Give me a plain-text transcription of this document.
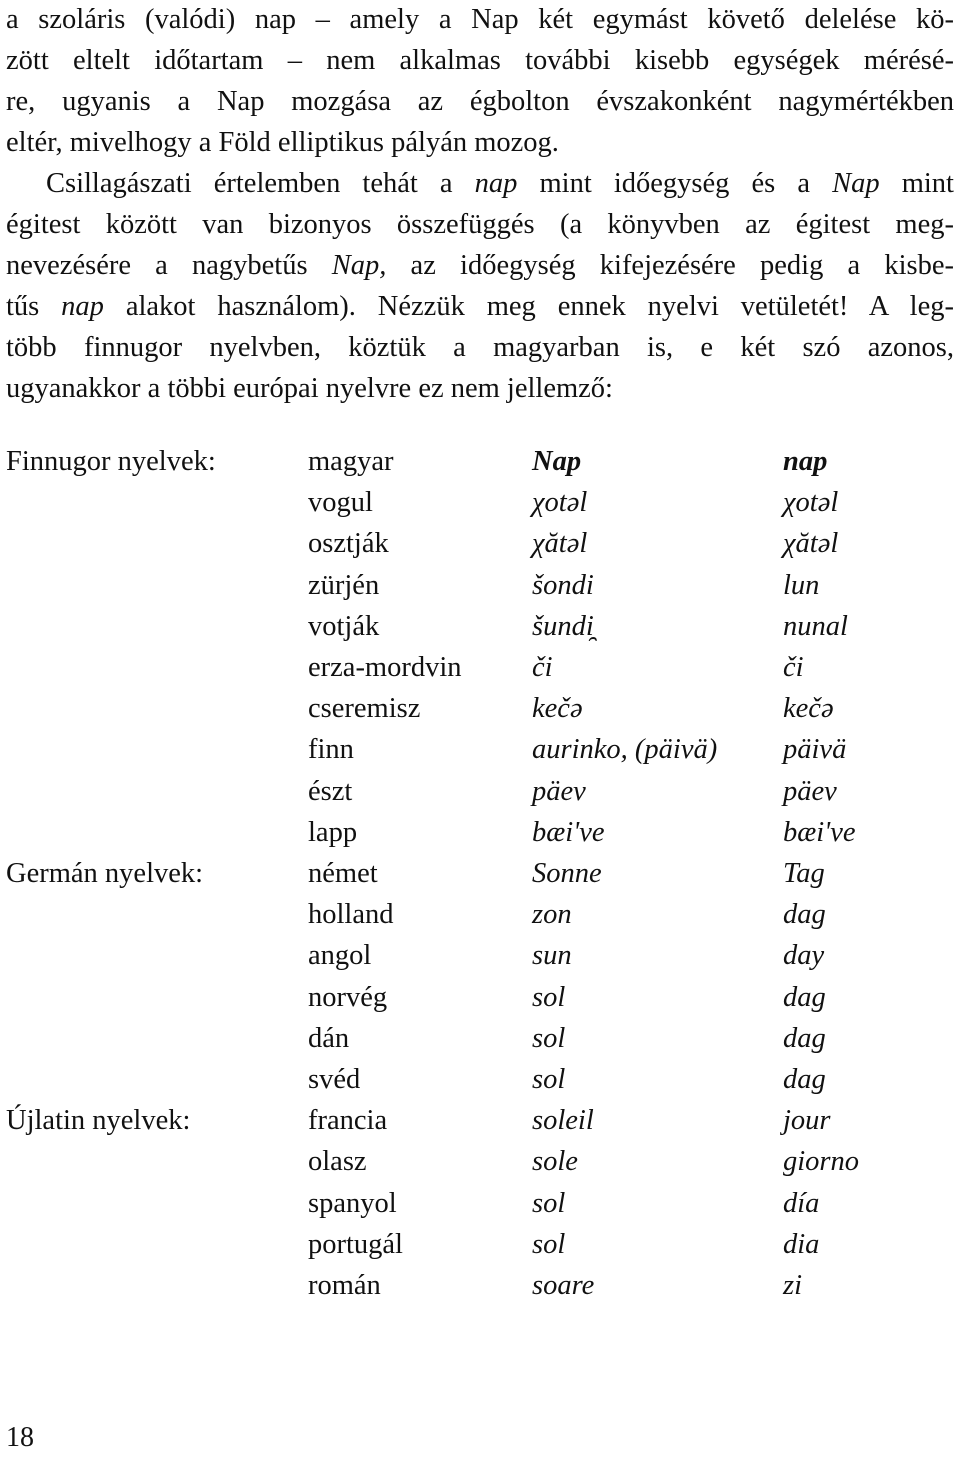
a szoláris (valódi) nap – amely a Nap két egymást követő delelése kö-
zött eltelt időtartam – nem alkalmas további kisebb egységek mérésé-
re, ugyanis a Nap mozgása az égbolton évszakonként nagymértékben
eltér, mivelhogy a Föld elliptikus pályán mozog.
Csillagászati értelemben tehát a nap mint időegység és a Nap mint
égitest között van bizonyos összefüggés (a könyvben az égitest meg-
nevezésére a nagybetűs Nap, az időegység kifejezésére pedig a kisbe-
tűs nap alakot használom). Nézzük meg ennek nyelvi vetületét! A leg-
több finnugor nyelvben, köztük a magyarban is, e két szó azonos,
ugyanakkor a többi európai nyelvre ez nem jellemző:
Finnugor nyelvek:	magyar	Nap	nap
	vogul	χotəl	χotəl
	osztják	χătəl	χătəl
	zürjén	šondi	lun
	votják	šundi̯	nunal
	erza-mordvin	či	či
	cseremisz	kečə	kečə
	finn	aurinko, (päivä)	päivä
	észt	päev	päev
	lapp	bæi've	bæi've
Germán nyelvek:	német	Sonne	Tag
	holland	zon	dag
	angol	sun	day
	norvég	sol	dag
	dán	sol	dag
	svéd	sol	dag
Újlatin nyelvek:	francia	soleil	jour
	olasz	sole	giorno
	spanyol	sol	día
	portugál	sol	dia
	román	soare	zi
18
